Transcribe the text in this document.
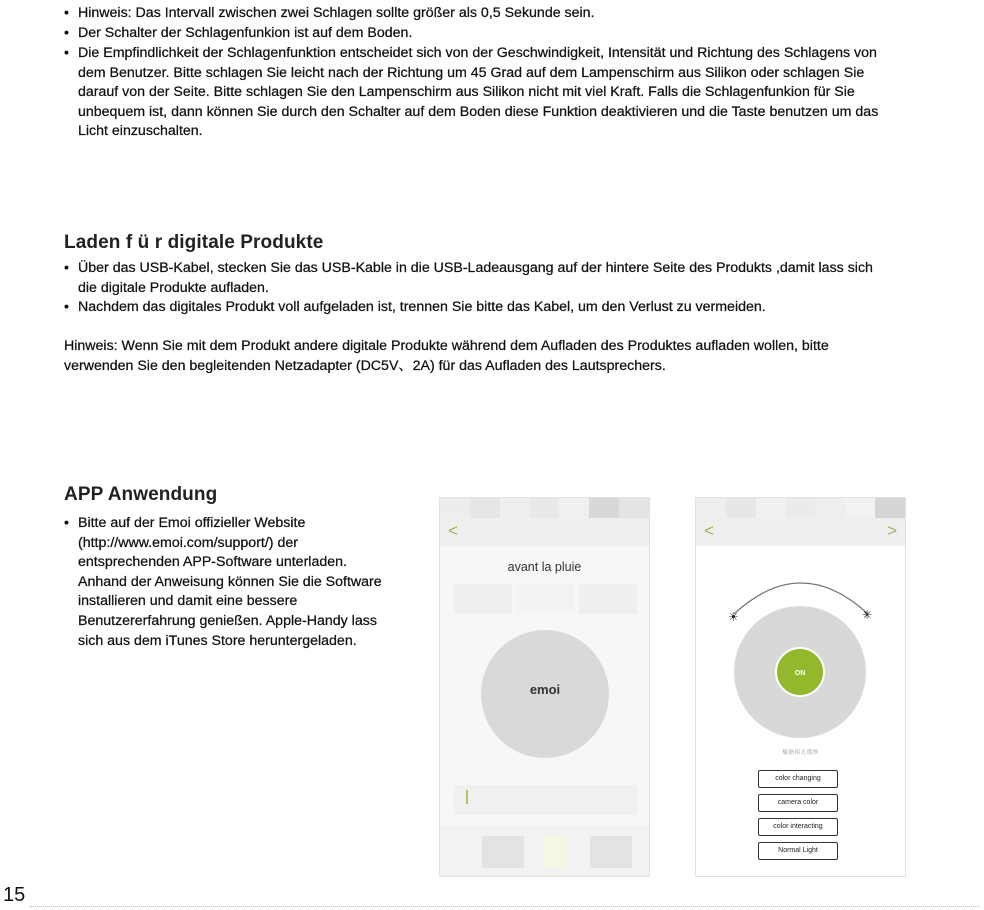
• Hinweis: Das Intervall zwischen zwei Schlagen sollte größer als 0,5 Sekunde sein.

• Der Schalter der Schlagenfunkion ist auf dem Boden.

• Die Empfindlichkeit der Schlagenfunktion entscheidet sich von der Geschwindigkeit, Intensität und Richtung des Schlagens von dem Benutzer. Bitte schlagen Sie leicht nach der Richtung um 45 Grad auf dem Lampenschirm aus Silikon oder schlagen Sie darauf von der Seite. Bitte schlagen Sie den Lampenschirm aus Silikon nicht mit viel Kraft. Falls die Schlagenfunkion für Sie unbequem ist, dann können Sie durch den Schalter auf dem Boden diese Funktion deaktivieren und die Taste benutzen um das Licht einzuschalten.

Laden f ü r digitale Produkte

• Über das USB-Kabel, stecken Sie das USB-Kable in die USB-Ladeausgang auf der hintere Seite des Produkts ,damit lass sich die digitale Produkte aufladen.

• Nachdem das digitales Produkt voll aufgeladen ist, trennen Sie bitte das Kabel, um den Verlust zu vermeiden.

Hinweis: Wenn Sie mit dem Produkt andere digitale Produkte während dem Aufladen des Produktes aufladen wollen, bitte verwenden Sie den begleitenden Netzadapter (DC5V、2A) für das Aufladen des Lautsprechers.

APP Anwendung

• Bitte auf der Emoi offizieller Website (http://www.emoi.com/support/) der entsprechenden APP-Software unterladen. Anhand der Anweisung können Sie die Software installieren und damit eine bessere Benutzererfahrung genießen. Apple-Handy lass sich aus dem iTunes Store heruntergeladen.

<
avant la pluie
emoi
<	>
☀	✳
ON
驅動模式選擇
color changing
camera color
color interacting
Normal Light
15
